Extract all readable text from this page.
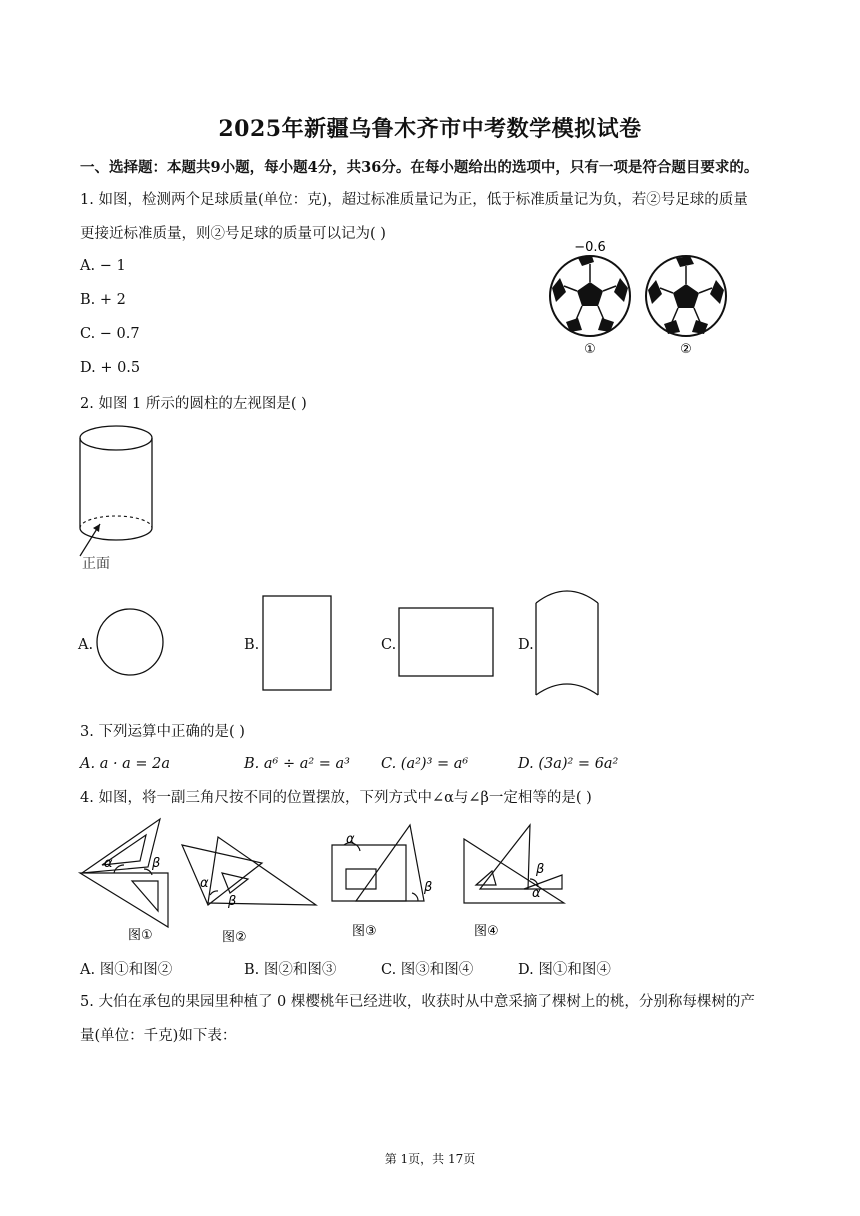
2025年新疆乌鲁木齐市中考数学模拟试卷
一、选择题：本题共9小题，每小题4分，共36分。在每小题给出的选项中，只有一项是符合题目要求的。
1. 如图，检测两个足球质量(单位：克)，超过标准质量记为正，低于标准质量记为负，若②号足球的质量
更接近标准质量，则②号足球的质量可以记为( )
A. − 1
B. + 2
C. − 0.7
D. + 0.5
−0.6
①	②
2. 如图 1 所示的圆柱的左视图是( )
正面
A.	B.	C.	D.
3. 下列运算中正确的是( )
A. a · a = 2a	B. a⁶ ÷ a² = a³ C. (a²)³ = a⁶	D. (3a)² = 6a²
4. 如图，将一副三角尺按不同的位置摆放，下列方式中∠α与∠β一定相等的是( )
α	β
图①
α
β
图②
α
β
图③
β
α
图④
A. 图①和图②	B. 图②和图③	C. 图③和图④	D. 图①和图④
5. 大伯在承包的果园里种植了 0 棵樱桃年已经进收，收获时从中意采摘了棵树上的桃，分别称每棵树的产
量(单位：千克)如下表：
第 1页，共 17页
